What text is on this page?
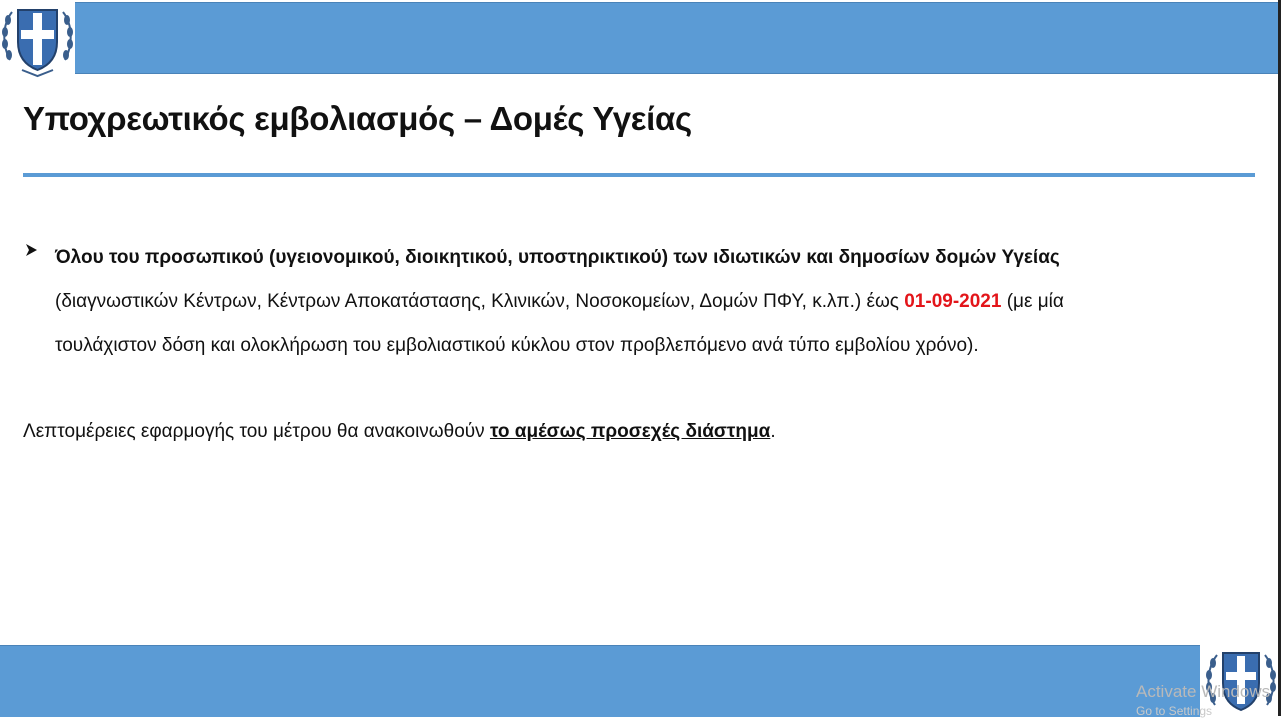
Υποχρεωτικός εμβολιασμός – Δομές Υγείας
Όλου του προσωπικού (υγειονομικού, διοικητικού, υποστηρικτικού) των ιδιωτικών και δημοσίων δομών Υγείας
(διαγνωστικών Κέντρων, Κέντρων Αποκατάστασης, Κλινικών, Νοσοκομείων, Δομών ΠΦΥ, κ.λπ.) έως 01-09-2021 (με μία
τουλάχιστον δόση και ολοκλήρωση του εμβολιαστικού κύκλου στον προβλεπόμενο ανά τύπο εμβολίου χρόνο).
Λεπτομέρειες εφαρμογής του μέτρου θα ανακοινωθούν το αμέσως προσεχές διάστημα.
Activate Windows
Go to Settings
